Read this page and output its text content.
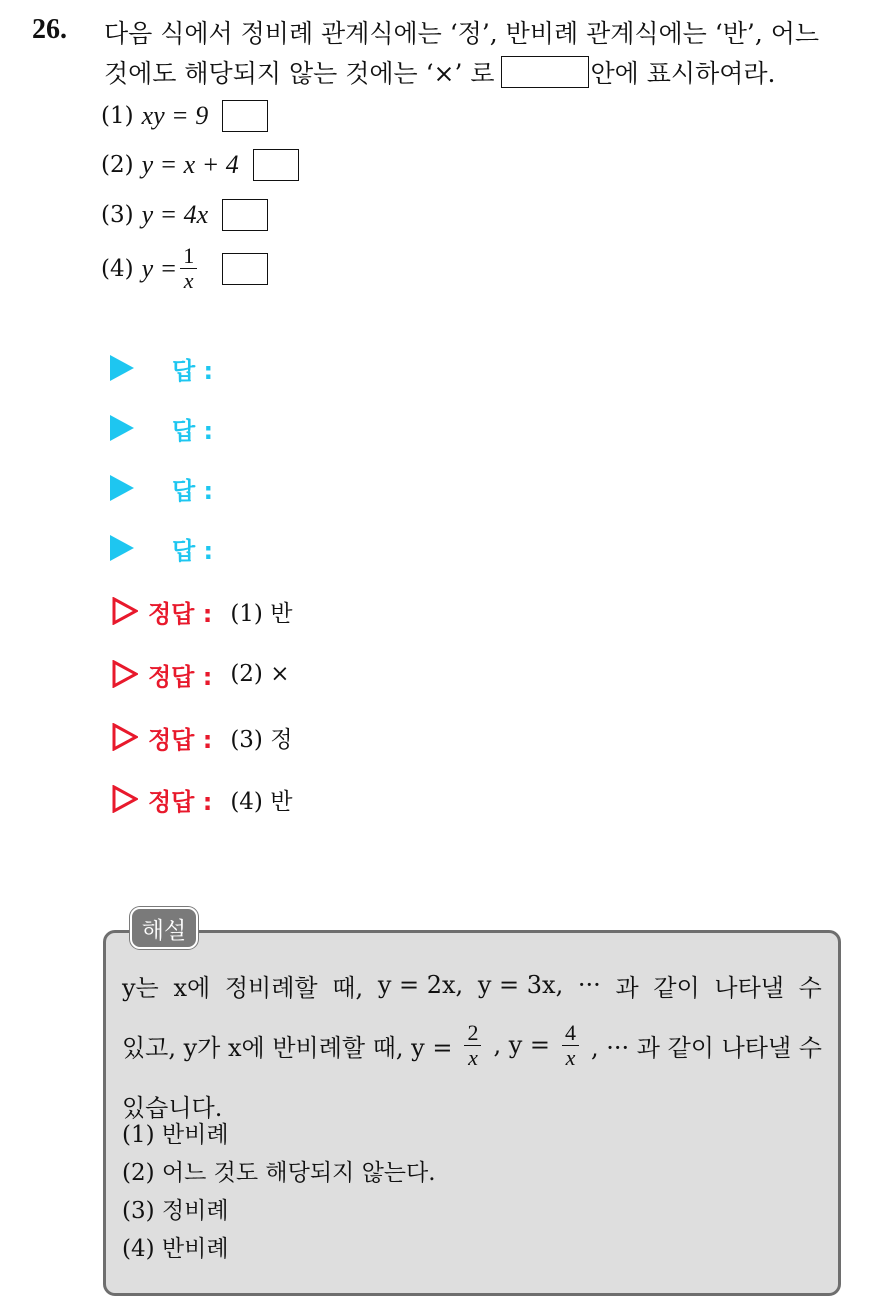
26. 다음 식에서 정비례 관계식에는 ‘정’, 반비례 관계식에는 ‘반’, 어느
것에도 해당되지 않는 것에는 ‘×’ 로	안에 표시하여라.
(1) xy = 9
(2) y = x + 4
(3) y = 4x
(4) $y = \frac{1}{x}$
답 :
답 :
답 :
답 :
정답 : (1) 반
정답 : (2) ×
정답 : (3) 정
정답 : (4) 반
해설
y는 x에 정비례할 때, y = 2x, y = 3x, ··· 과 같이 나타낼 수
있고, y가 x에 반비례할 때, $y = \frac{2}{x}$ , $y = \frac{4}{x}$ , ··· 과 같이 나타낼 수
있습니다.
(1) 반비례
(2) 어느 것도 해당되지 않는다.
(3) 정비례
(4) 반비례
